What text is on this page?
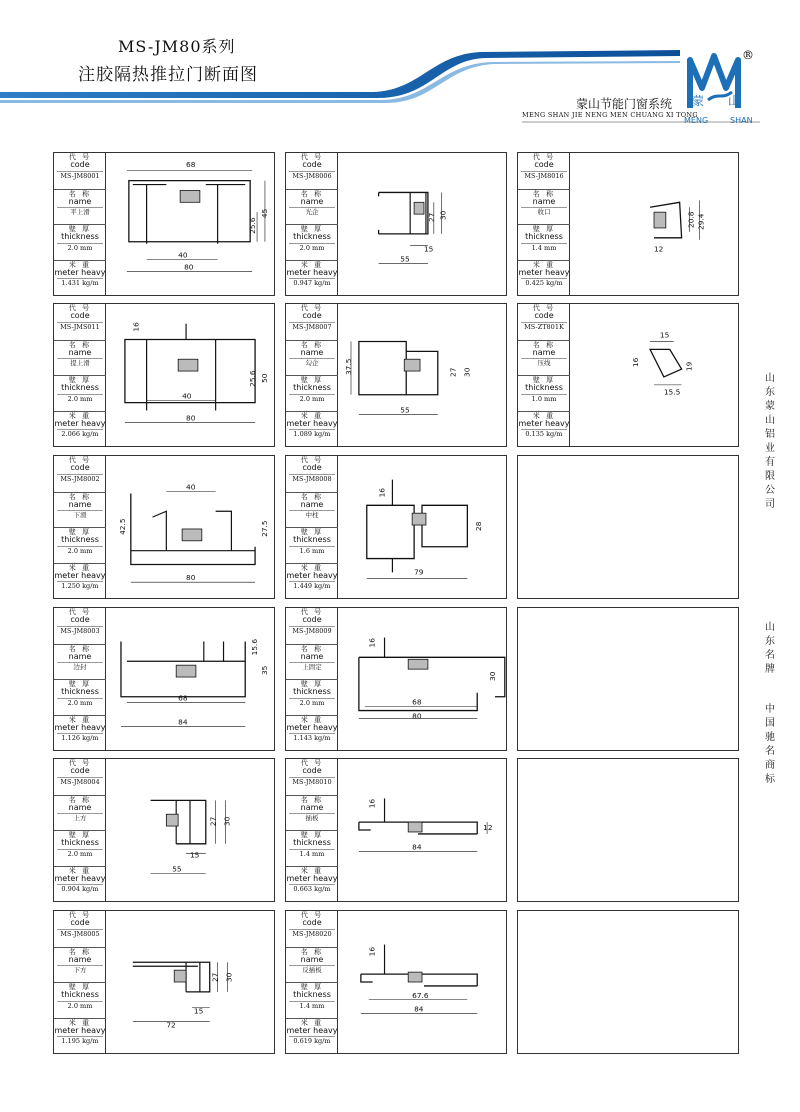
MS-JM80系列
注胶隔热推拉门断面图
蒙山节能门窗系统
MENG SHAN JIE NENG MEN CHUANG XI TONG
®
蒙 山
MENG	SHAN
代 号
code
MS-JM8001
名 称
name
平上滑
壁 厚
thickness
2.0 mm
米 重
meter heavy
1.431 kg/m
68
40
80
25.6
45
代 号
code
MS-JM8006
名 称
name
光企
壁 厚
thickness
2.0 mm
米 重
meter heavy
0.947 kg/m
27 30
15
55
代 号
code
MS-JM8016
名 称
name
收口
壁 厚
thickness
1.4 mm
米 重
meter heavy
0.425 kg/m
20.8 29.4
12
代 号
code
MS-JMS011
名 称
name
提上滑
壁 厚
thickness
2.0 mm
米 重
meter heavy
2.066 kg/m
16
40
25.6 50
80
代 号
code
MS-JM8007
名 称
name
勾企
壁 厚
thickness
2.0 mm
米 重
meter heavy
1.089 kg/m
37.5	27 30
55
代 号
code
MS-ZT801K
名 称
name
压线
壁 厚
thickness
1.0 mm
米 重
meter heavy
0.135 kg/m
15
16	19
15.5
代 号
code
MS-JM8002
名 称
name
下滑
壁 厚
thickness
2.0 mm
米 重
meter heavy
1.250 kg/m
40
42.5	27.5
80
代 号
code
MS-JM8008
名 称
name
中柱
壁 厚
thickness
1.6 mm
米 重
meter heavy
1.449 kg/m
16
28
79
代 号
code
MS-JM8003
名 称
name
边封
壁 厚
thickness
2.0 mm
米 重
meter heavy
1.126 kg/m
15.6
35
68
84
代 号
code
MS-JM8009
名 称
name
上固定
壁 厚
thickness
2.0 mm
米 重
meter heavy
1.143 kg/m
16
30
68
80
代 号
code
MS-JM8004
名 称
name
上方
壁 厚
thickness
2.0 mm
米 重
meter heavy
0.904 kg/m
27 30
15
55
代 号
code
MS-JM8010
名 称
name
插板
壁 厚
thickness
1.4 mm
米 重
meter heavy
0.663 kg/m
16
12
84
代 号
code
MS-JM8005
名 称
name
下方
壁 厚
thickness
2.0 mm
米 重
meter heavy
1.195 kg/m
27 30
15
72
代 号
code
MS-JM8020
名 称
name
反插板
壁 厚
thickness
1.4 mm
米 重
meter heavy
0.619 kg/m
16
67.6
84
山
东
蒙
山
铝
业
有
限
公
司
山
东
名
牌
中
国
驰
名
商
标
